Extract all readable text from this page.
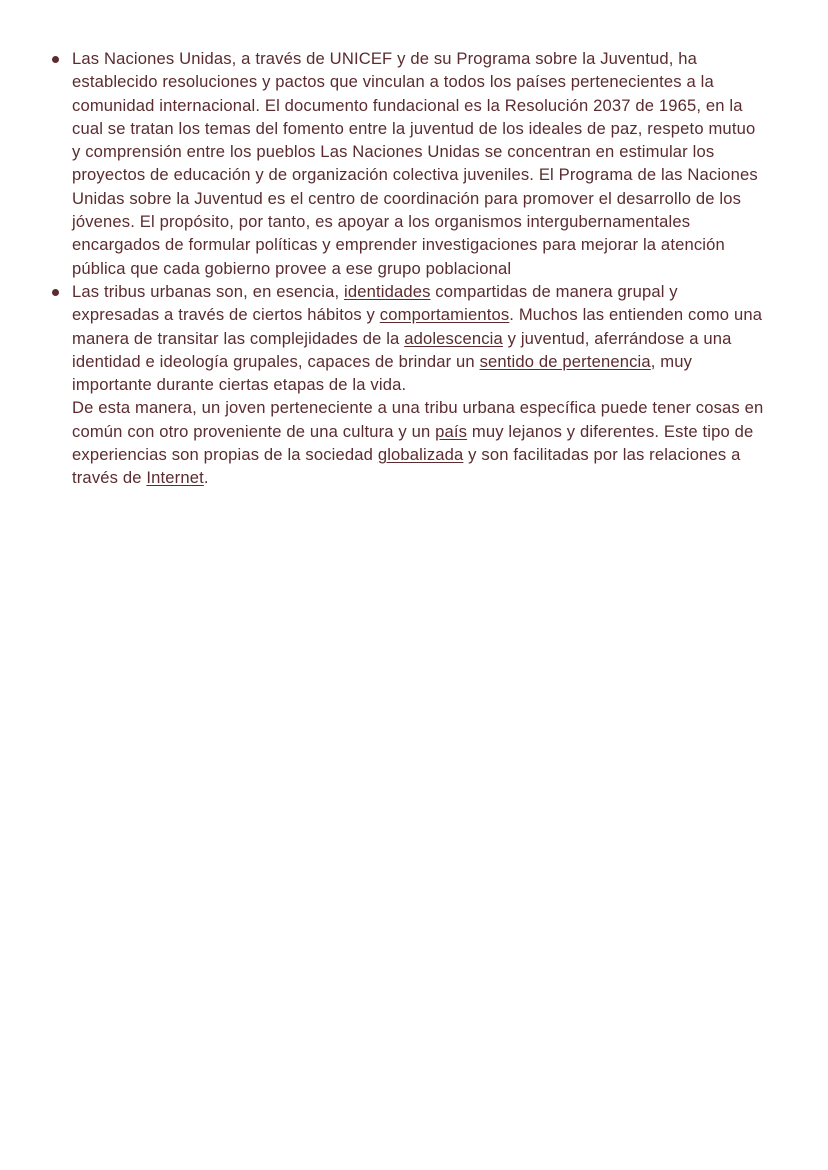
Las Naciones Unidas, a través de UNICEF y de su Programa sobre la Juventud, ha
establecido resoluciones y pactos que vinculan a todos los países pertenecientes a la
comunidad internacional. El documento fundacional es la Resolución 2037 de 1965, en la
cual se tratan los temas del fomento entre la juventud de los ideales de paz, respeto mutuo
y comprensión entre los pueblos Las Naciones Unidas se concentran en estimular los
proyectos de educación y de organización colectiva juveniles. El Programa de las Naciones
Unidas sobre la Juventud es el centro de coordinación para promover el desarrollo de los
jóvenes. El propósito, por tanto, es apoyar a los organismos intergubernamentales
encargados de formular políticas y emprender investigaciones para mejorar la atención
pública que cada gobierno provee a ese grupo poblacional
Las tribus urbanas son, en esencia, identidades compartidas de manera grupal y
expresadas a través de ciertos hábitos y comportamientos. Muchos las entienden como una
manera de transitar las complejidades de la adolescencia y juventud, aferrándose a una
identidad e ideología grupales, capaces de brindar un sentido de pertenencia, muy
importante durante ciertas etapas de la vida.
De esta manera, un joven perteneciente a una tribu urbana específica puede tener cosas en
común con otro proveniente de una cultura y un país muy lejanos y diferentes. Este tipo de
experiencias son propias de la sociedad globalizada y son facilitadas por las relaciones a
través de Internet.
